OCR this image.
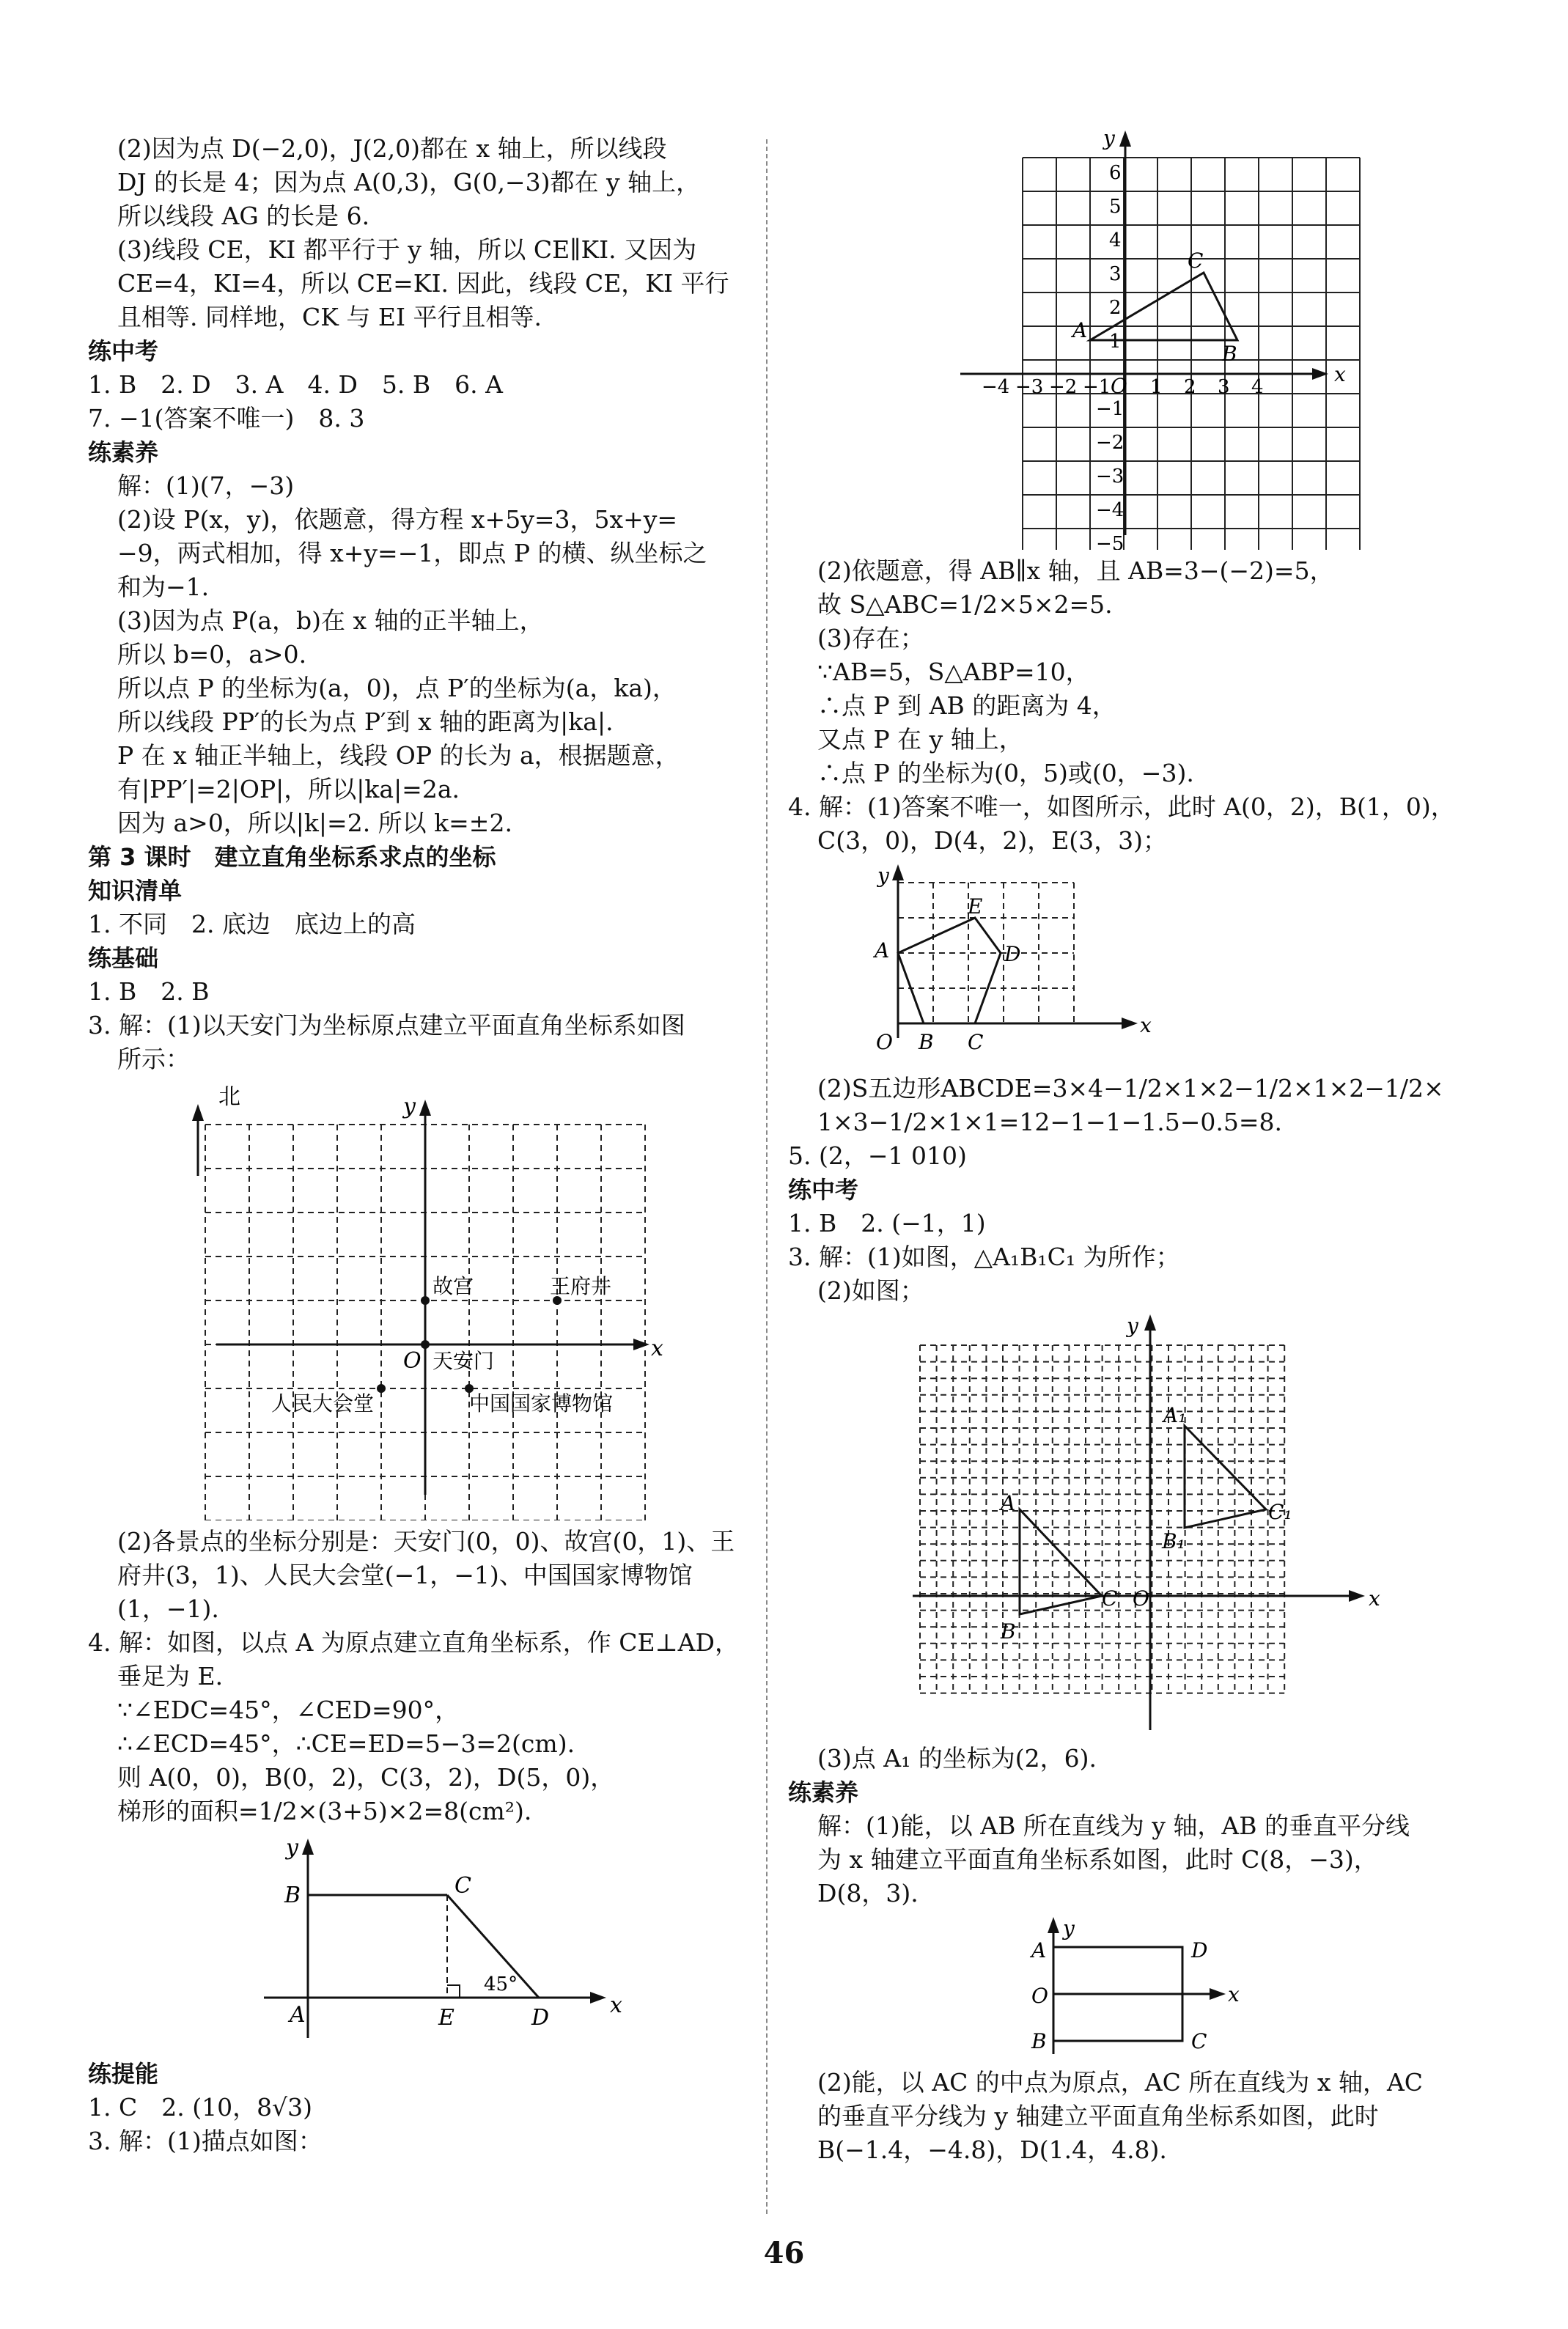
(2)因为点 D(−2,0)，J(2,0)都在 x 轴上，所以线段
DJ 的长是 4；因为点 A(0,3)，G(0,−3)都在 y 轴上，
所以线段 AG 的长是 6.
(3)线段 CE，KI 都平行于 y 轴，所以 CE∥KI. 又因为
CE=4，KI=4，所以 CE=KI. 因此，线段 CE，KI 平行
且相等. 同样地，CK 与 EI 平行且相等.
练中考
1. B　2. D　3. A　4. D　5. B　6. A
7. −1(答案不唯一)　8. 3
练素养
解：(1)(7，−3)
(2)设 P(x，y)，依题意，得方程 x+5y=3，5x+y=
−9，两式相加，得 x+y=−1，即点 P 的横、纵坐标之
和为−1.
(3)因为点 P(a，b)在 x 轴的正半轴上，
所以 b=0，a>0.
所以点 P 的坐标为(a，0)，点 P′的坐标为(a，ka)，
所以线段 PP′的长为点 P′到 x 轴的距离为|ka|.
P 在 x 轴正半轴上，线段 OP 的长为 a，根据题意，
有|PP′|=2|OP|，所以|ka|=2a.
因为 a>0，所以|k|=2. 所以 k=±2.
第 3 课时　建立直角坐标系求点的坐标
知识清单
1. 不同　2. 底边　底边上的高
练基础
1. B　2. B
3. 解：(1)以天安门为坐标原点建立平面直角坐标系如图
所示：
北	y
x
O
故宫	王府井
天安门
人民大会堂	中国国家博物馆
(2)各景点的坐标分别是：天安门(0，0)、故宫(0，1)、王
府井(3，1)、人民大会堂(−1，−1)、中国国家博物馆
(1，−1).
4. 解：如图，以点 A 为原点建立直角坐标系，作 CE⊥AD，
垂足为 E.
∵∠EDC=45°，∠CED=90°，
∴∠ECD=45°，∴CE=ED=5−3=2(cm).
则 A(0，0)，B(0，2)，C(3，2)，D(5，0)，
梯形的面积=1/2×(3+5)×2=8(cm²).
y
x
B	C
A	E	D
45°
练提能
1. C　2. (10，8√3)
3. 解：(1)描点如图：
−4 −3 −2 −1 1 2 3 4
6
5
4
3
2
1
−1
−2
−3
−4
−5
y
x
O
A
C
B
(2)依题意，得 AB∥x 轴，且 AB=3−(−2)=5，
故 S△ABC=1/2×5×2=5.
(3)存在；
∵AB=5，S△ABP=10，
∴点 P 到 AB 的距离为 4，
又点 P 在 y 轴上，
∴点 P 的坐标为(0，5)或(0，−3).
4. 解：(1)答案不唯一，如图所示，此时 A(0，2)，B(1，0)，
C(3，0)，D(4，2)，E(3，3)；
y
x
O B C
D
E
A
(2)S五边形ABCDE=3×4−1/2×1×2−1/2×1×2−1/2×
1×3−1/2×1×1=12−1−1−1.5−0.5=8.
5. (2，−1 010)
练中考
1. B　2. (−1，1)
3. 解：(1)如图，△A₁B₁C₁ 为所作；
(2)如图；
y
x
A
B
C O
A₁
B₁
C₁
(3)点 A₁ 的坐标为(2，6).
练素养
解：(1)能，以 AB 所在直线为 y 轴，AB 的垂直平分线
为 x 轴建立平面直角坐标系如图，此时 C(8，−3)，
D(8，3).
y
x
A
O
B
D
C
(2)能，以 AC 的中点为原点，AC 所在直线为 x 轴，AC
的垂直平分线为 y 轴建立平面直角坐标系如图，此时
B(−1.4，−4.8)，D(1.4，4.8).
46
